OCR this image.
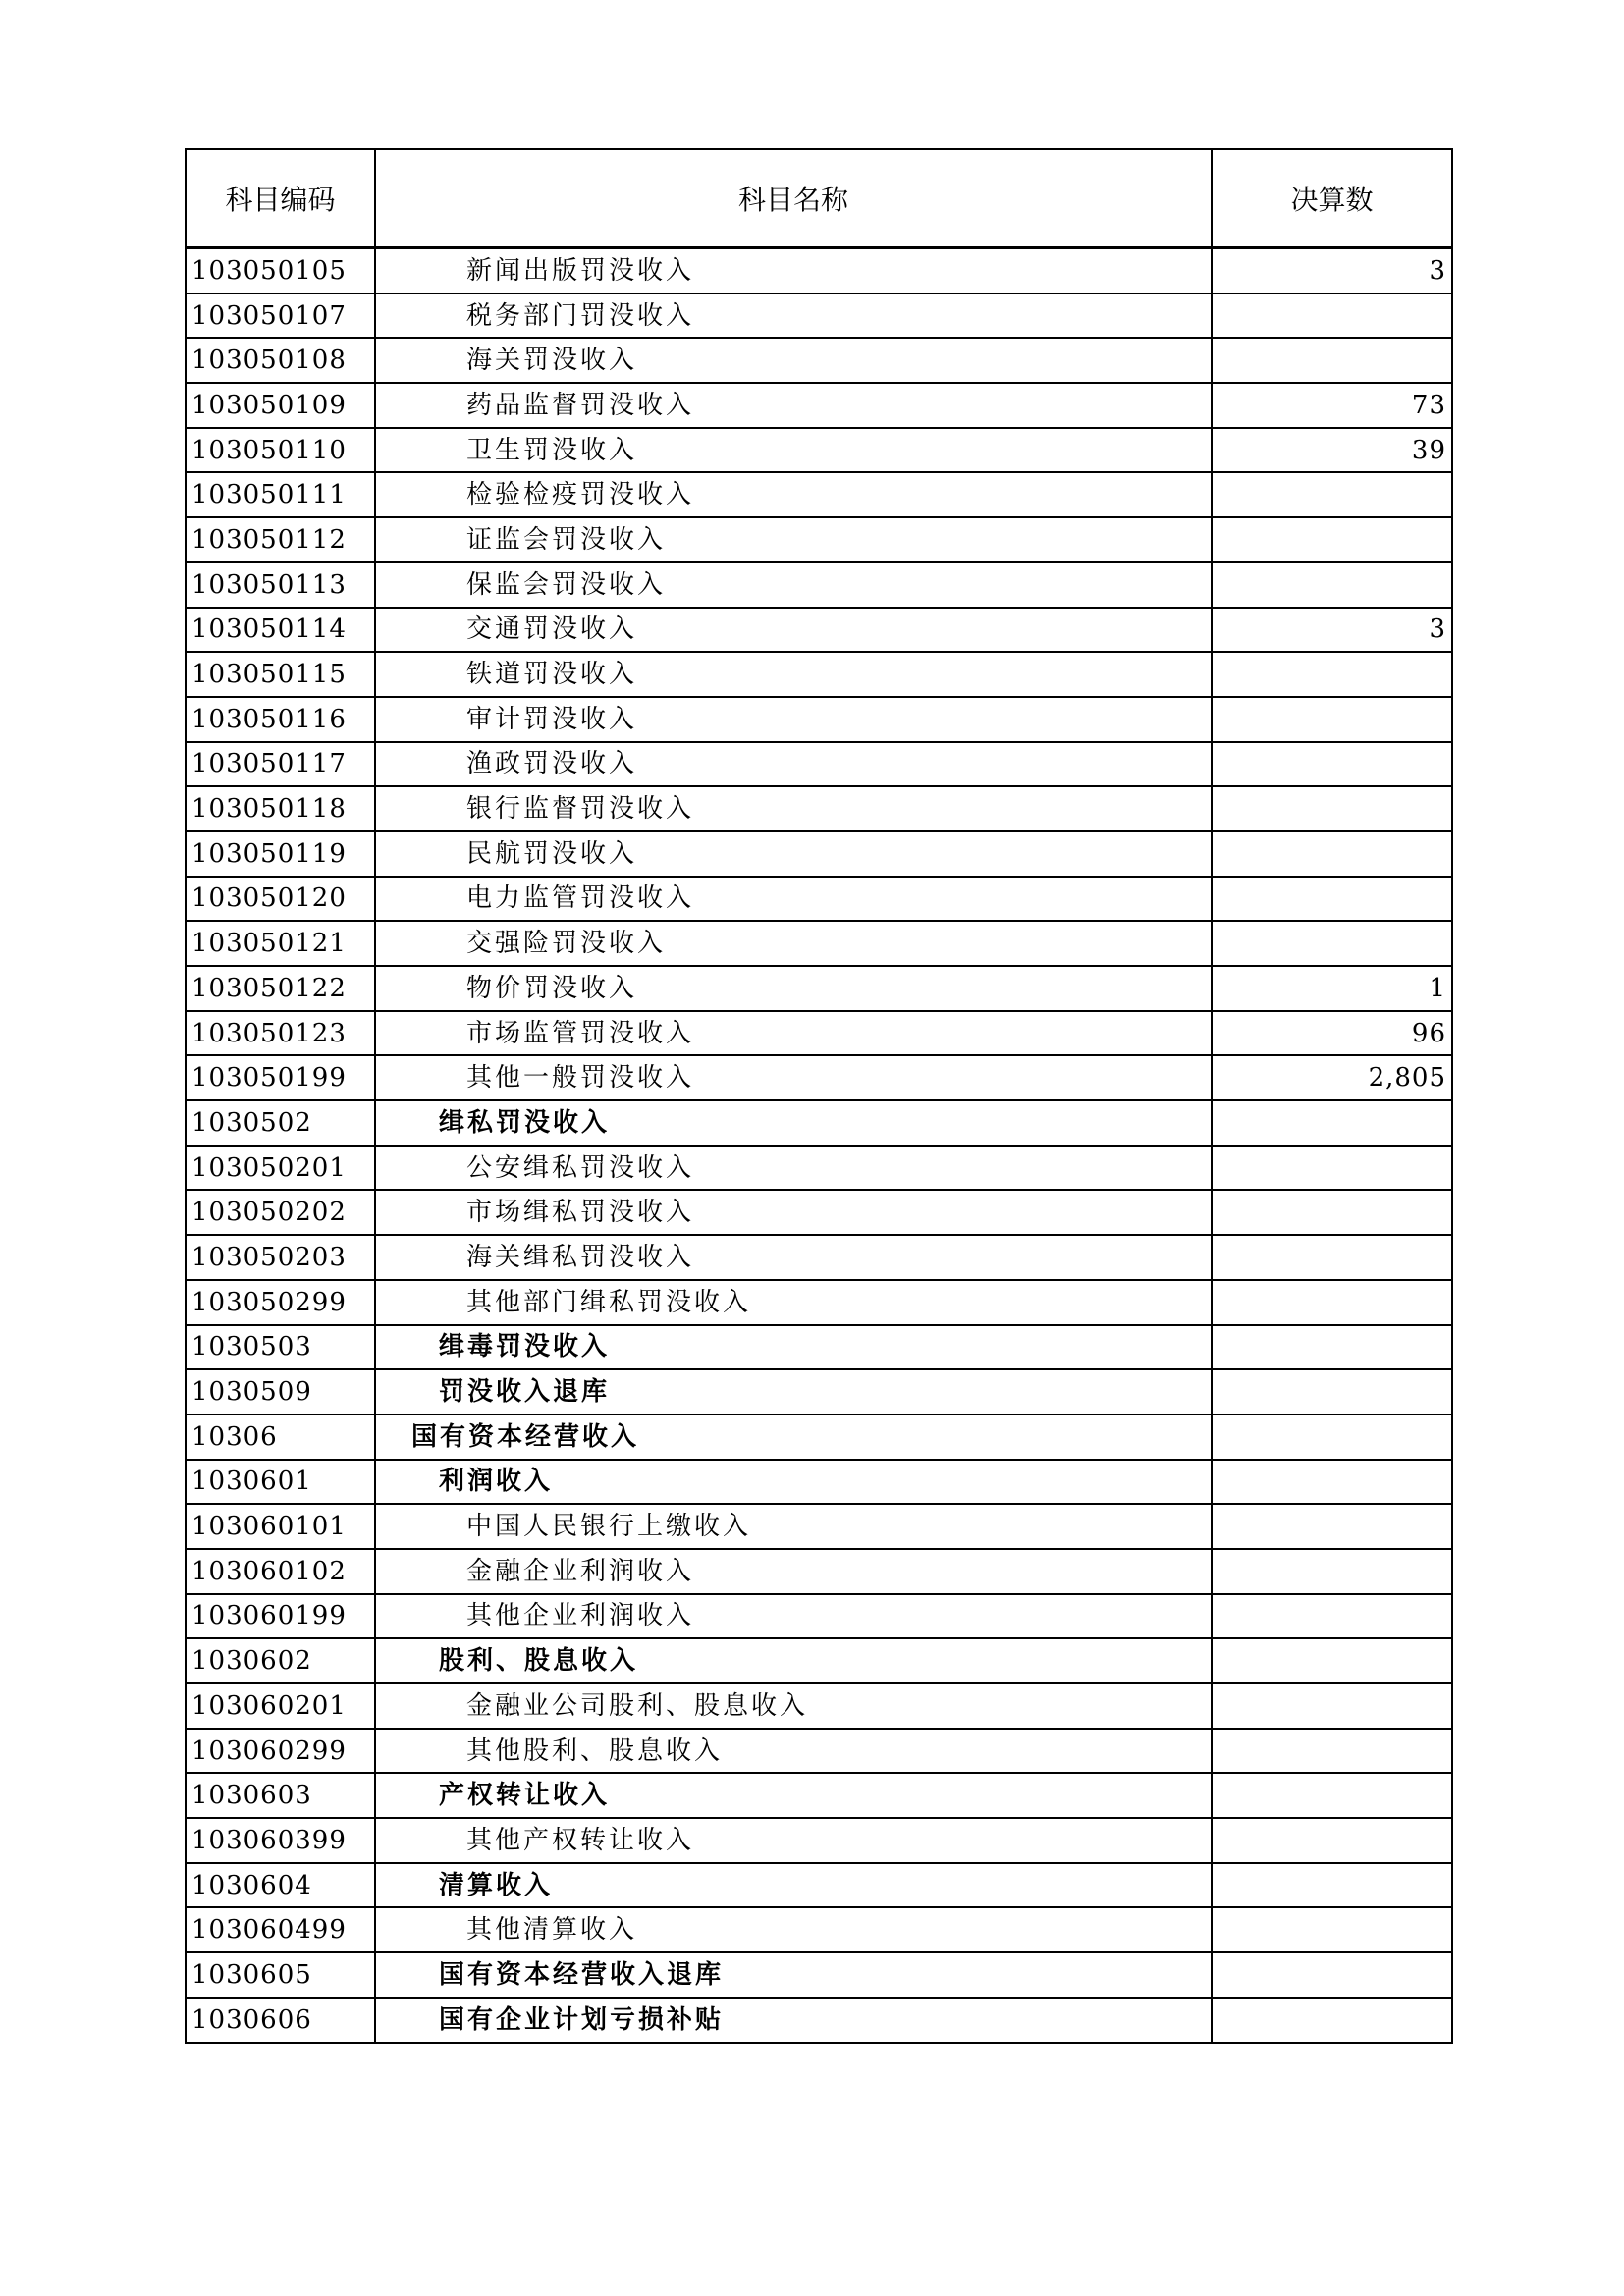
科目编码	科目名称	决算数
103050105	新闻出版罚没收入	3
103050107	税务部门罚没收入	
103050108	海关罚没收入	
103050109	药品监督罚没收入	73
103050110	卫生罚没收入	39
103050111	检验检疫罚没收入	
103050112	证监会罚没收入	
103050113	保监会罚没收入	
103050114	交通罚没收入	3
103050115	铁道罚没收入	
103050116	审计罚没收入	
103050117	渔政罚没收入	
103050118	银行监督罚没收入	
103050119	民航罚没收入	
103050120	电力监管罚没收入	
103050121	交强险罚没收入	
103050122	物价罚没收入	1
103050123	市场监管罚没收入	96
103050199	其他一般罚没收入	2,805
1030502	缉私罚没收入	
103050201	公安缉私罚没收入	
103050202	市场缉私罚没收入	
103050203	海关缉私罚没收入	
103050299	其他部门缉私罚没收入	
1030503	缉毒罚没收入	
1030509	罚没收入退库	
10306	国有资本经营收入	
1030601	利润收入	
103060101	中国人民银行上缴收入	
103060102	金融企业利润收入	
103060199	其他企业利润收入	
1030602	股利、股息收入	
103060201	金融业公司股利、股息收入	
103060299	其他股利、股息收入	
1030603	产权转让收入	
103060399	其他产权转让收入	
1030604	清算收入	
103060499	其他清算收入	
1030605	国有资本经营收入退库	
1030606	国有企业计划亏损补贴	
